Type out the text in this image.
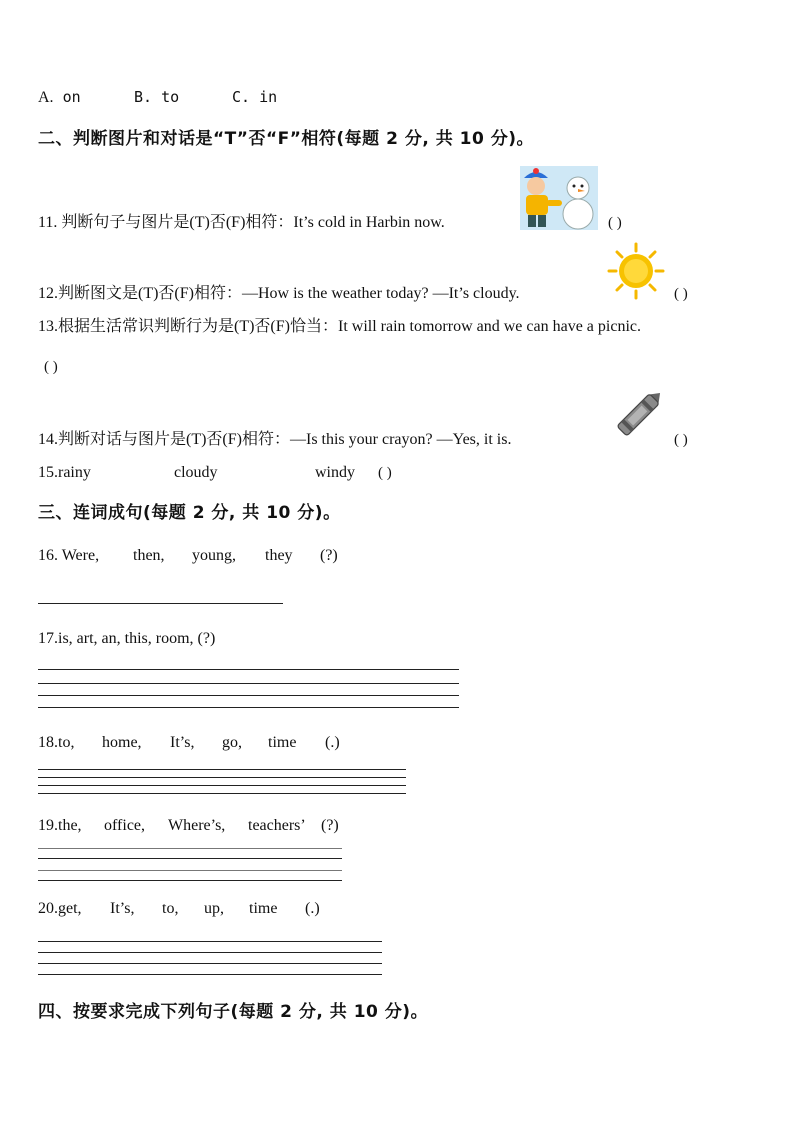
A. on	B. to	C. in
二、判断图片和对话是“T”否“F”相符(每题 2 分, 共 10 分)。
11. 判断句子与图片是(T)否(F)相符：It’s cold in Harbin now.	( )
12.判断图文是(T)否(F)相符：—How is the weather today? —It’s cloudy.	( )
13.根据生活常识判断行为是(T)否(F)恰当：It will rain tomorrow and we can have a picnic.
( )
14.判断对话与图片是(T)否(F)相符：—Is this your crayon? —Yes, it is.	( )
15.rainy	cloudy	windy ( )
三、连词成句(每题 2 分, 共 10 分)。
16. Were, then, young, they (?)
17.is, art, an, this, room, (?)
18.to, home, It’s, go, time (.)
19.the, office, Where’s, teachers’ (?)
20.get, It’s, to, up, time (.)
四、按要求完成下列句子(每题 2 分, 共 10 分)。
